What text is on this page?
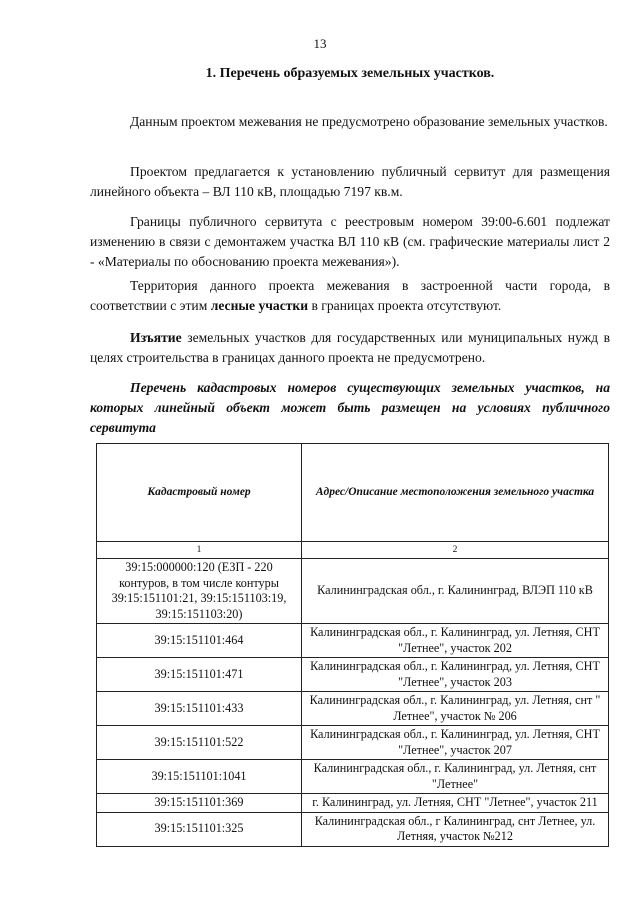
13
1. Перечень образуемых земельных участков.

Данным проектом межевания не предусмотрено образование земельных участков.

Проектом предлагается к установлению публичный сервитут для размещения линейного объекта – ВЛ 110 кВ, площадью 7197 кв.м.

Границы публичного сервитута с реестровым номером 39:00-6.601 подлежат изменению в связи с демонтажем участка ВЛ 110 кВ (см. графические материалы лист 2 - «Материалы по обоснованию проекта межевания»).

Территория данного проекта межевания в застроенной части города, в соответствии с этим лесные участки в границах проекта отсутствуют.

Изъятие земельных участков для государственных или муниципальных нужд в целях строительства в границах данного проекта не предусмотрено.

Перечень кадастровых номеров существующих земельных участков, на которых линейный объект может быть размещен на условиях публичного сервитута

Кадастровый номер	Адрес/Описание местоположения земельного участка
1	2
39:15:000000:120 (ЕЗП - 220 контуров, в том числе контуры 39:15:151101:21, 39:15:151103:19, 39:15:151103:20)	Калининградская обл., г. Калининград, ВЛЭП 110 кВ
39:15:151101:464	Калининградская обл., г. Калининград, ул. Летняя, СНТ "Летнее", участок 202
39:15:151101:471	Калининградская обл., г. Калининград, ул. Летняя, СНТ "Летнее", участок 203
39:15:151101:433	Калининградская обл., г. Калининград, ул. Летняя, снт " Летнее", участок № 206
39:15:151101:522	Калининградская обл., г. Калининград, ул. Летняя, СНТ "Летнее", участок 207
39:15:151101:1041	Калининградская обл., г. Калининград, ул. Летняя, снт "Летнее"
39:15:151101:369	г. Калининград, ул. Летняя, СНТ "Летнее", участок 211
39:15:151101:325	Калининградская обл., г Калининград, снт Летнее, ул. Летняя, участок №212
